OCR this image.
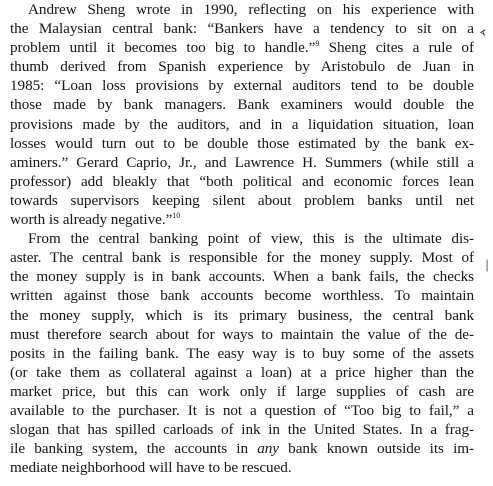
Andrew Sheng wrote in 1990, reflecting on his experience with
the Malaysian central bank: “Bankers have a tendency to sit on a
problem until it becomes too big to handle.”$^9$ Sheng cites a rule of
thumb derived from Spanish experience by Aristobulo de Juan in
1985: “Loan loss provisions by external auditors tend to be double
those made by bank managers. Bank examiners would double the
provisions made by the auditors, and in a liquidation situation, loan
losses would turn out to be double those estimated by the bank ex-
aminers.” Gerard Caprio, Jr., and Lawrence H. Summers (while still a
professor) add bleakly that “both political and economic forces lean
towards supervisors keeping silent about problem banks until net
worth is already negative.”$^{10}$
From the central banking point of view, this is the ultimate dis-
aster. The central bank is responsible for the money supply. Most of
the money supply is in bank accounts. When a bank fails, the checks
written against those bank accounts become worthless. To maintain
the money supply, which is its primary business, the central bank
must therefore search about for ways to maintain the value of the de-
posits in the failing bank. The easy way is to buy some of the assets
(or take them as collateral against a loan) at a price higher than the
market price, but this can work only if large supplies of cash are
available to the purchaser. It is not a question of “Too big to fail,” a
slogan that has spilled carloads of ink in the United States. In a frag-
ile banking system, the accounts in any bank known outside its im-
mediate neighborhood will have to be rescued.
⦓
│
